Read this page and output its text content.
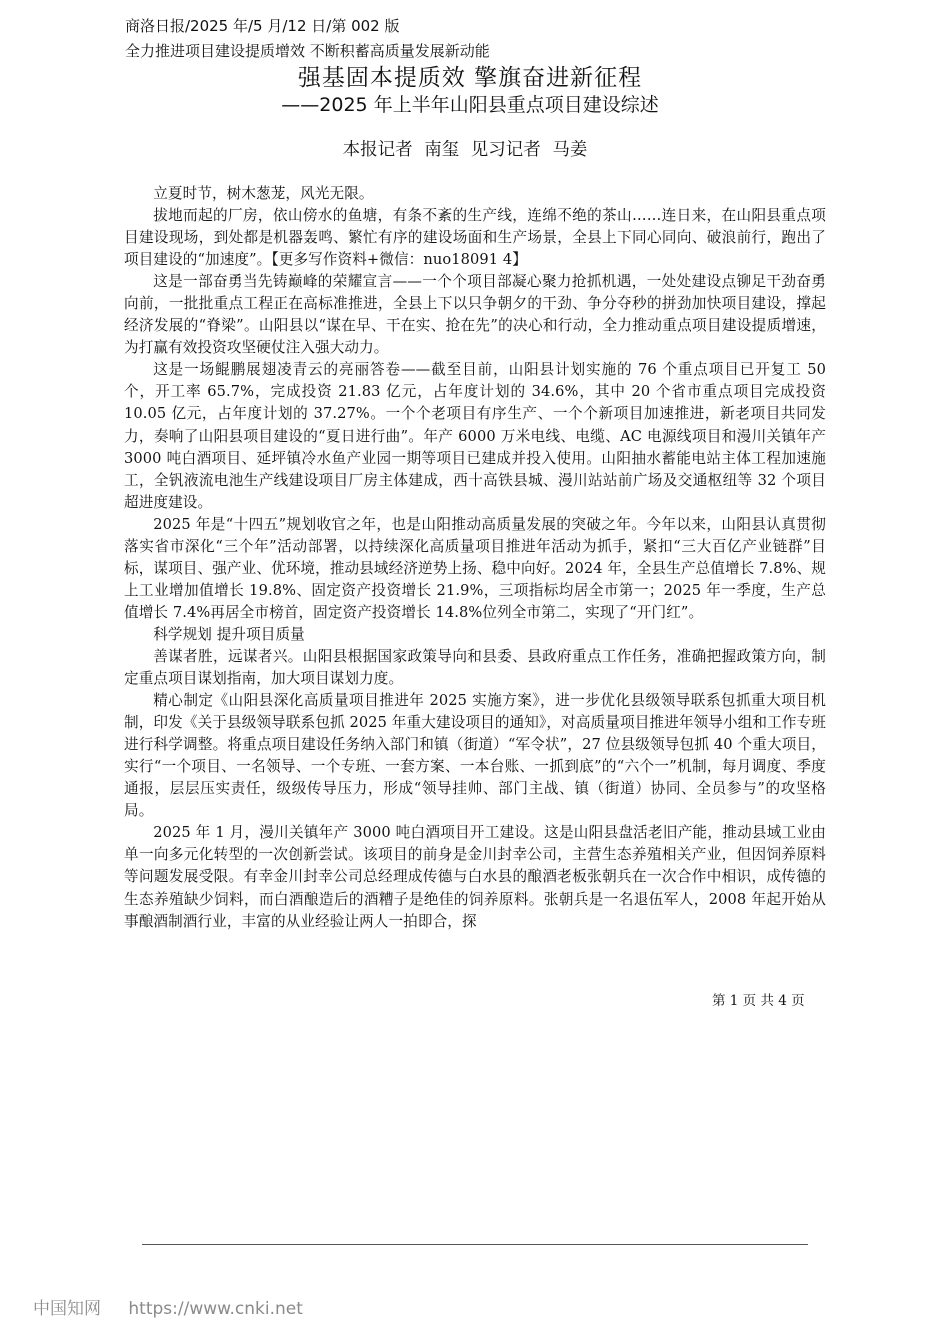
商洛日报/2025 年/5 月/12 日/第 002 版
全力推进项目建设提质增效 不断积蓄高质量发展新动能
强基固本提质效 擎旗奋进新征程
——2025 年上半年山阳县重点项目建设综述
本报记者 南玺 见习记者 马姜

立夏时节，树木葱茏，风光无限。

拔地而起的厂房，依山傍水的鱼塘，有条不紊的生产线，连绵不绝的茶山……连日来，在山阳县重点项目建设现场，到处都是机器轰鸣、繁忙有序的建设场面和生产场景，全县上下同心同向、破浪前行，跑出了项目建设的“加速度”。【更多写作资料+微信：nuo18091 4】

这是一部奋勇当先铸巅峰的荣耀宣言——一个个项目部凝心聚力抢抓机遇，一处处建设点铆足干劲奋勇向前，一批批重点工程正在高标准推进，全县上下以只争朝夕的干劲、争分夺秒的拼劲加快项目建设，撑起经济发展的“脊梁”。山阳县以“谋在早、干在实、抢在先”的决心和行动，全力推动重点项目建设提质增速，为打赢有效投资攻坚硬仗注入强大动力。

这是一场鲲鹏展翅凌青云的亮丽答卷——截至目前，山阳县计划实施的 76 个重点项目已开复工 50 个，开工率 65.7%，完成投资 21.83 亿元，占年度计划的 34.6%，其中 20 个省市重点项目完成投资 10.05 亿元，占年度计划的 37.27%。一个个老项目有序生产、一个个新项目加速推进，新老项目共同发力，奏响了山阳县项目建设的“夏日进行曲”。年产 6000 万米电线、电缆、AC 电源线项目和漫川关镇年产 3000 吨白酒项目、延坪镇冷水鱼产业园一期等项目已建成并投入使用。山阳抽水蓄能电站主体工程加速施工，全钒液流电池生产线建设项目厂房主体建成，西十高铁县城、漫川站站前广场及交通枢纽等 32 个项目超进度建设。

2025 年是“十四五”规划收官之年，也是山阳推动高质量发展的突破之年。今年以来，山阳县认真贯彻落实省市深化“三个年”活动部署，以持续深化高质量项目推进年活动为抓手，紧扣“三大百亿产业链群”目标，谋项目、强产业、优环境，推动县域经济逆势上扬、稳中向好。2024 年，全县生产总值增长 7.8%、规上工业增加值增长 19.8%、固定资产投资增长 21.9%，三项指标均居全市第一；2025 年一季度，生产总值增长 7.4%再居全市榜首，固定资产投资增长 14.8%位列全市第二，实现了“开门红”。

科学规划 提升项目质量

善谋者胜，远谋者兴。山阳县根据国家政策导向和县委、县政府重点工作任务，准确把握政策方向，制定重点项目谋划指南，加大项目谋划力度。

精心制定《山阳县深化高质量项目推进年 2025 实施方案》，进一步优化县级领导联系包抓重大项目机制，印发《关于县级领导联系包抓 2025 年重大建设项目的通知》，对高质量项目推进年领导小组和工作专班进行科学调整。将重点项目建设任务纳入部门和镇（街道）“军令状”，27 位县级领导包抓 40 个重大项目，实行“一个项目、一名领导、一个专班、一套方案、一本台账、一抓到底”的“六个一”机制，每月调度、季度通报，层层压实责任，级级传导压力，形成“领导挂帅、部门主战、镇（街道）协同、全员参与”的攻坚格局。

2025 年 1 月，漫川关镇年产 3000 吨白酒项目开工建设。这是山阳县盘活老旧产能，推动县域工业由单一向多元化转型的一次创新尝试。该项目的前身是金川封幸公司，主营生态养殖相关产业，但因饲养原料等问题发展受限。有幸金川封幸公司总经理成传德与白水县的酿酒老板张朝兵在一次合作中相识，成传德的生态养殖缺少饲料，而白酒酿造后的酒糟子是绝佳的饲养原料。张朝兵是一名退伍军人，2008 年起开始从事酿酒制酒行业，丰富的从业经验让两人一拍即合，探

第 1 页 共 4 页
中国知网 https://www.cnki.net
